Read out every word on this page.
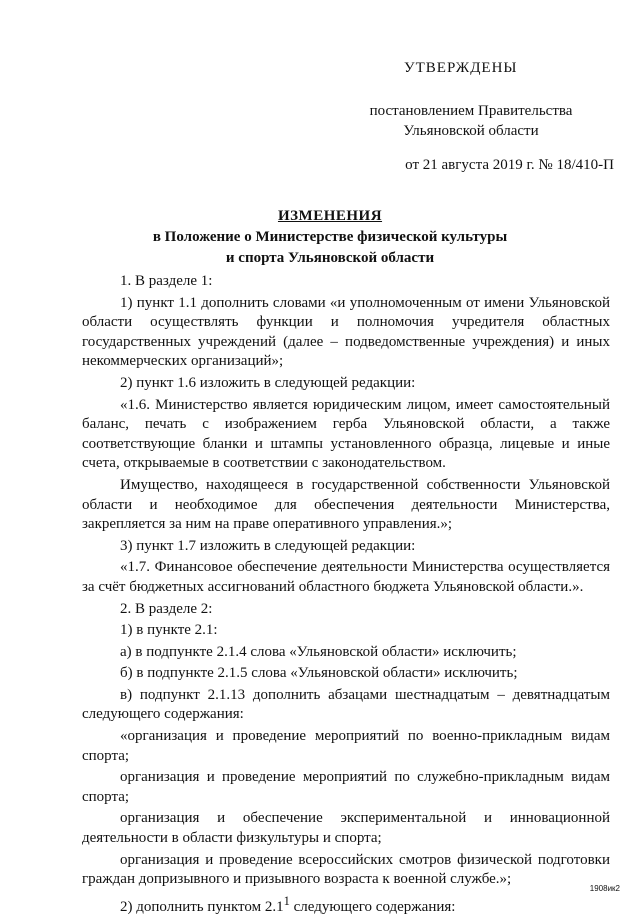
УТВЕРЖДЕНЫ
постановлением Правительства
Ульяновской области
от 21 августа 2019 г. № 18/410-П
ИЗМЕНЕНИЯ
в Положение о Министерстве физической культуры
и спорта Ульяновской области

1. В разделе 1:

1) пункт 1.1 дополнить словами «и уполномоченным от имени Ульяновской области осуществлять функции и полномочия учредителя областных государственных учреждений (далее – подведомственные учреждения) и иных некоммерческих организаций»;

2) пункт 1.6 изложить в следующей редакции:

«1.6. Министерство является юридическим лицом, имеет самостоятельный баланс, печать с изображением герба Ульяновской области, а также соответствующие бланки и штампы установленного образца, лицевые и иные счета, открываемые в соответствии с законодательством.

Имущество, находящееся в государственной собственности Ульяновской области и необходимое для обеспечения деятельности Министерства, закрепляется за ним на праве оперативного управления.»;

3) пункт 1.7 изложить в следующей редакции:

«1.7. Финансовое обеспечение деятельности Министерства осуществляется за счёт бюджетных ассигнований областного бюджета Ульяновской области.».

2. В разделе 2:

1) в пункте 2.1:

а) в подпункте 2.1.4 слова «Ульяновской области» исключить;

б) в подпункте 2.1.5 слова «Ульяновской области» исключить;

в) подпункт 2.1.13 дополнить абзацами шестнадцатым – девятнадцатым следующего содержания:

«организация и проведение мероприятий по военно-прикладным видам спорта;

организация и проведение мероприятий по служебно-прикладным видам спорта;

организация и обеспечение экспериментальной и инновационной деятельности в области физкультуры и спорта;

организация и проведение всероссийских смотров физической подготовки граждан допризывного и призывного возраста к военной службе.»;

2) дополнить пунктом $2.1^1$ следующего содержания:

1908ик2
